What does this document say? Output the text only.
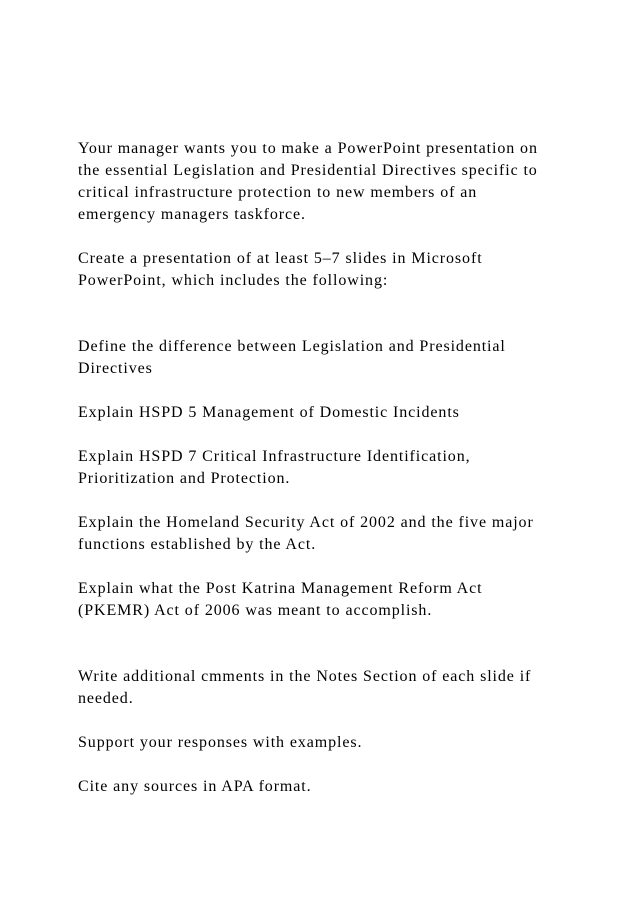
Your manager wants you to make a PowerPoint presentation on
the essential Legislation and Presidential Directives specific to
critical infrastructure protection to new members of an
emergency managers taskforce.

Create a presentation of at least 5–7 slides in Microsoft
PowerPoint, which includes the following:

Define the difference between Legislation and Presidential
Directives

Explain HSPD 5 Management of Domestic Incidents

Explain HSPD 7 Critical Infrastructure Identification,
Prioritization and Protection.

Explain the Homeland Security Act of 2002 and the five major
functions established by the Act.

Explain what the Post Katrina Management Reform Act
(PKEMR) Act of 2006 was meant to accomplish.

Write additional cmments in the Notes Section of each slide if
needed.

Support your responses with examples.

Cite any sources in APA format.
